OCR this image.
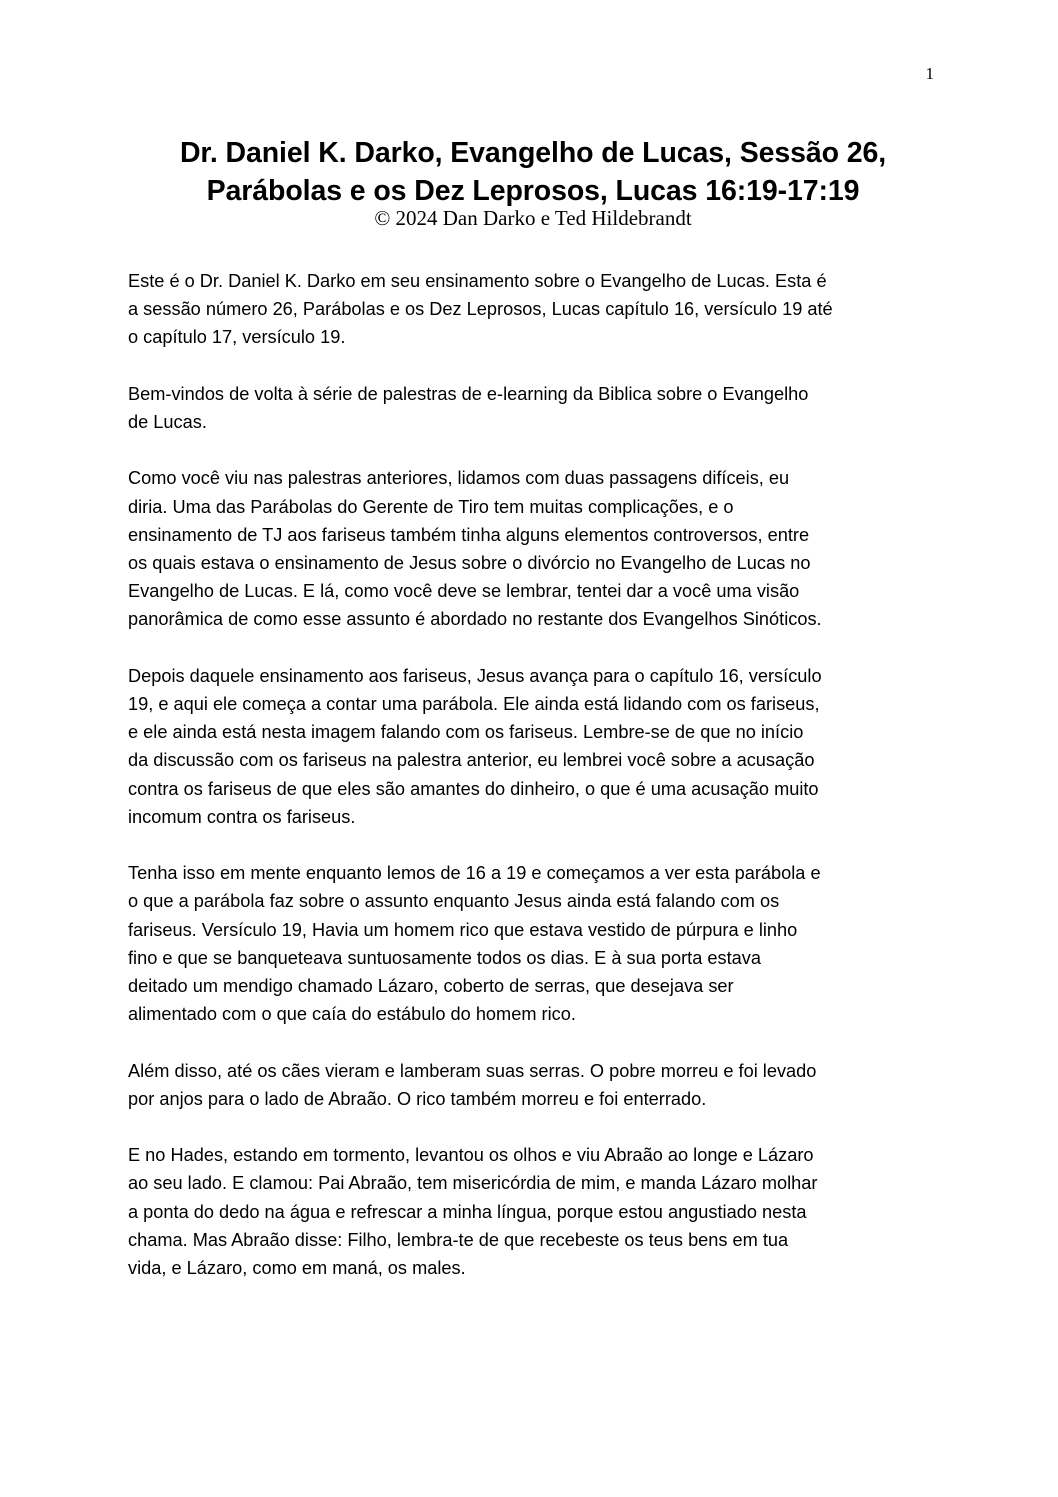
1
Dr. Daniel K. Darko, Evangelho de Lucas, Sessão 26,
Parábolas e os Dez Leprosos, Lucas 16:19-17:19
© 2024 Dan Darko e Ted Hildebrandt

Este é o Dr. Daniel K. Darko em seu ensinamento sobre o Evangelho de Lucas. Esta é
a sessão número 26, Parábolas e os Dez Leprosos, Lucas capítulo 16, versículo 19 até
o capítulo 17, versículo 19.

Bem-vindos de volta à série de palestras de e-learning da Biblica sobre o Evangelho
de Lucas.

Como você viu nas palestras anteriores, lidamos com duas passagens difíceis, eu
diria. Uma das Parábolas do Gerente de Tiro tem muitas complicações, e o
ensinamento de TJ aos fariseus também tinha alguns elementos controversos, entre
os quais estava o ensinamento de Jesus sobre o divórcio no Evangelho de Lucas no
Evangelho de Lucas. E lá, como você deve se lembrar, tentei dar a você uma visão
panorâmica de como esse assunto é abordado no restante dos Evangelhos Sinóticos.

Depois daquele ensinamento aos fariseus, Jesus avança para o capítulo 16, versículo
19, e aqui ele começa a contar uma parábola. Ele ainda está lidando com os fariseus,
e ele ainda está nesta imagem falando com os fariseus. Lembre-se de que no início
da discussão com os fariseus na palestra anterior, eu lembrei você sobre a acusação
contra os fariseus de que eles são amantes do dinheiro, o que é uma acusação muito
incomum contra os fariseus.

Tenha isso em mente enquanto lemos de 16 a 19 e começamos a ver esta parábola e
o que a parábola faz sobre o assunto enquanto Jesus ainda está falando com os
fariseus. Versículo 19, Havia um homem rico que estava vestido de púrpura e linho
fino e que se banqueteava suntuosamente todos os dias. E à sua porta estava
deitado um mendigo chamado Lázaro, coberto de serras, que desejava ser
alimentado com o que caía do estábulo do homem rico.

Além disso, até os cães vieram e lamberam suas serras. O pobre morreu e foi levado
por anjos para o lado de Abraão. O rico também morreu e foi enterrado.

E no Hades, estando em tormento, levantou os olhos e viu Abraão ao longe e Lázaro
ao seu lado. E clamou: Pai Abraão, tem misericórdia de mim, e manda Lázaro molhar
a ponta do dedo na água e refrescar a minha língua, porque estou angustiado nesta
chama. Mas Abraão disse: Filho, lembra-te de que recebeste os teus bens em tua
vida, e Lázaro, como em maná, os males.
